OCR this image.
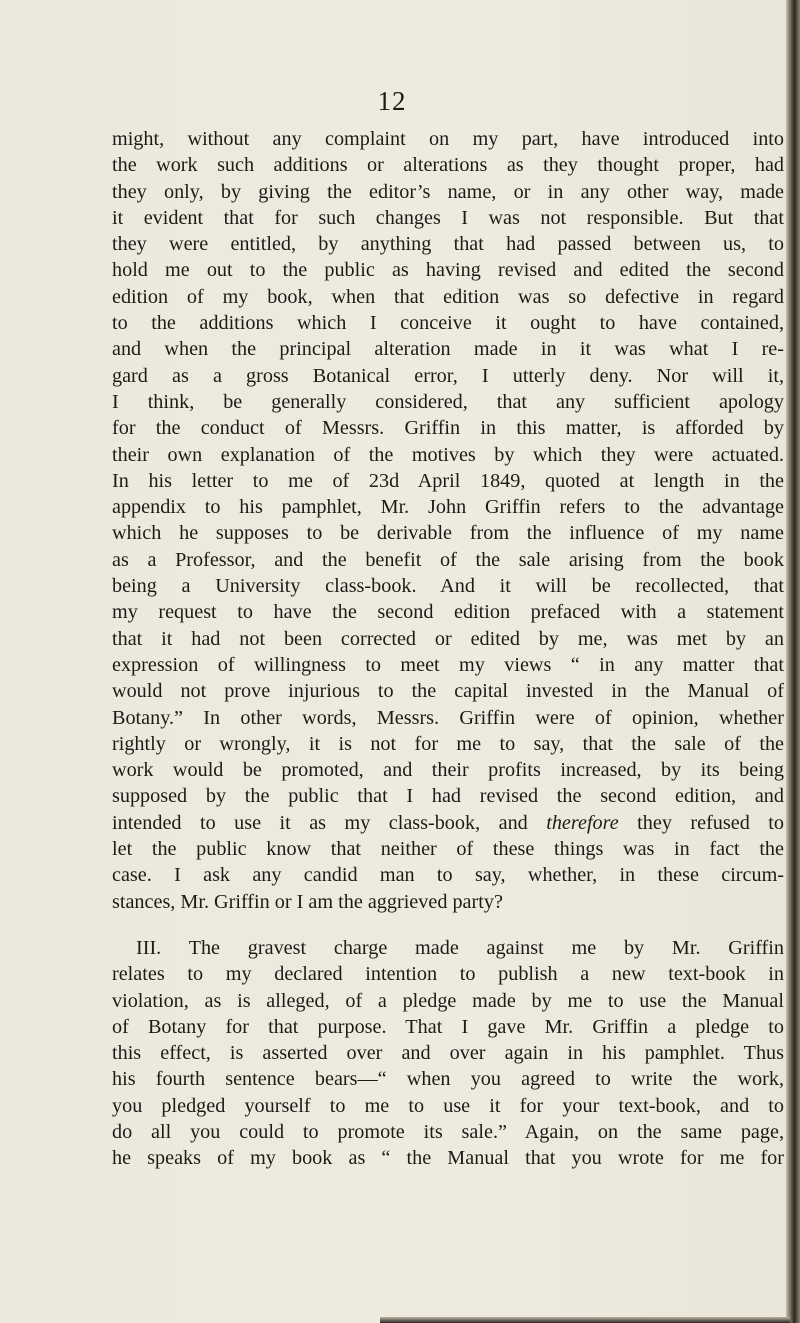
12

might, without any complaint on my part, have introduced into
the work such additions or alterations as they thought proper, had
they only, by giving the editor’s name, or in any other way, made
it evident that for such changes I was not responsible. But that
they were entitled, by anything that had passed between us, to
hold me out to the public as having revised and edited the second
edition of my book, when that edition was so defective in regard
to the additions which I conceive it ought to have contained,
and when the principal alteration made in it was what I re-
gard as a gross Botanical error, I utterly deny. Nor will it,
I think, be generally considered, that any sufficient apology
for the conduct of Messrs. Griffin in this matter, is afforded by
their own explanation of the motives by which they were actuated.
In his letter to me of 23d April 1849, quoted at length in the
appendix to his pamphlet, Mr. John Griffin refers to the advantage
which he supposes to be derivable from the influence of my name
as a Professor, and the benefit of the sale arising from the book
being a University class-book. And it will be recollected, that
my request to have the second edition prefaced with a statement
that it had not been corrected or edited by me, was met by an
expression of willingness to meet my views “ in any matter that
would not prove injurious to the capital invested in the Manual of
Botany.” In other words, Messrs. Griffin were of opinion, whether
rightly or wrongly, it is not for me to say, that the sale of the
work would be promoted, and their profits increased, by its being
supposed by the public that I had revised the second edition, and
intended to use it as my class-book, and therefore they refused to
let the public know that neither of these things was in fact the
case. I ask any candid man to say, whether, in these circum-
stances, Mr. Griffin or I am the aggrieved party?

III. The gravest charge made against me by Mr. Griffin
relates to my declared intention to publish a new text-book in
violation, as is alleged, of a pledge made by me to use the Manual
of Botany for that purpose. That I gave Mr. Griffin a pledge to
this effect, is asserted over and over again in his pamphlet. Thus
his fourth sentence bears—“ when you agreed to write the work,
you pledged yourself to me to use it for your text-book, and to
do all you could to promote its sale.” Again, on the same page,
he speaks of my book as “ the Manual that you wrote for me for
